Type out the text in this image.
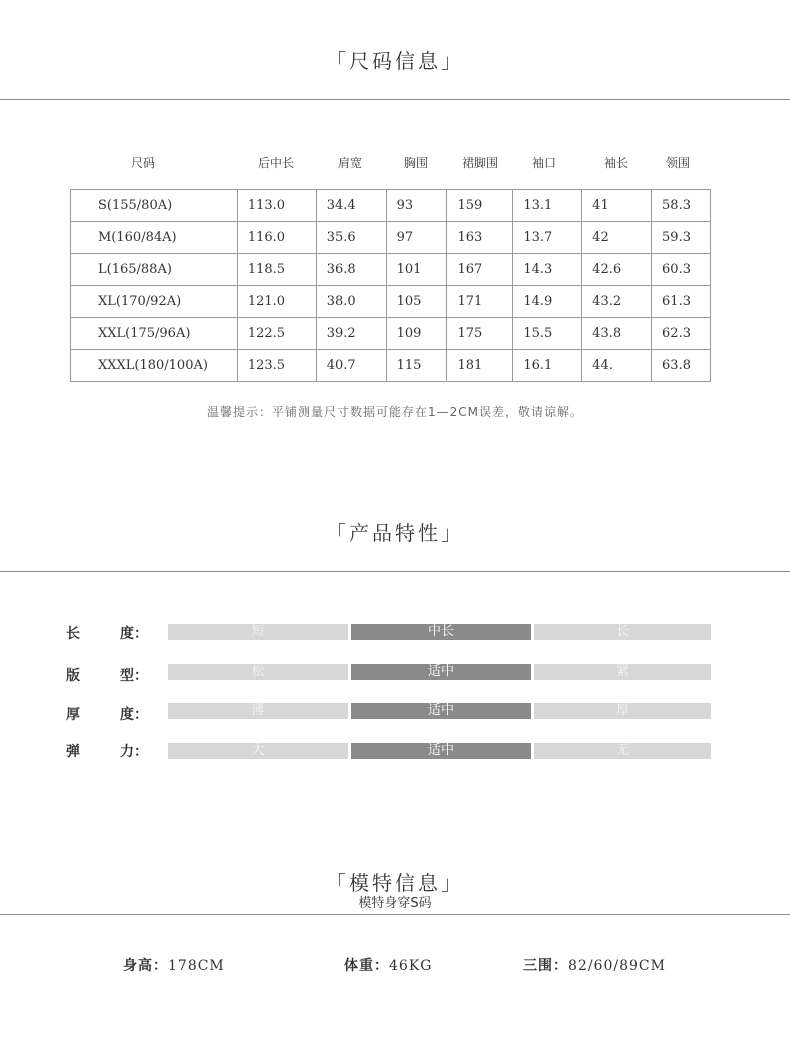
「尺码信息」
尺码	后中长	肩宽	胸围	裙脚围	袖口	袖长	领围
S(155/80A)	113.0	34.4	93	159	13.1	41	58.3
M(160/84A)	116.0	35.6	97	163	13.7	42	59.3
L(165/88A)	118.5	36.8	101	167	14.3	42.6	60.3
XL(170/92A)	121.0	38.0	105	171	14.9	43.2	61.3
XXL(175/96A)	122.5	39.2	109	175	15.5	43.8	62.3
XXXL(180/100A)	123.5	40.7	115	181	16.1	44.	63.8
温馨提示：平铺测量尺寸数据可能存在1—2CM误差，敬请谅解。
「产品特性」
长	度：	短	中长	长
版	型：	松	适中	紧
厚	度：	薄	适中	厚
弹	力：	大	适中	无
「模特信息」
模特身穿S码
身高：178CM	体重：46KG	三围：82/60/89CM
